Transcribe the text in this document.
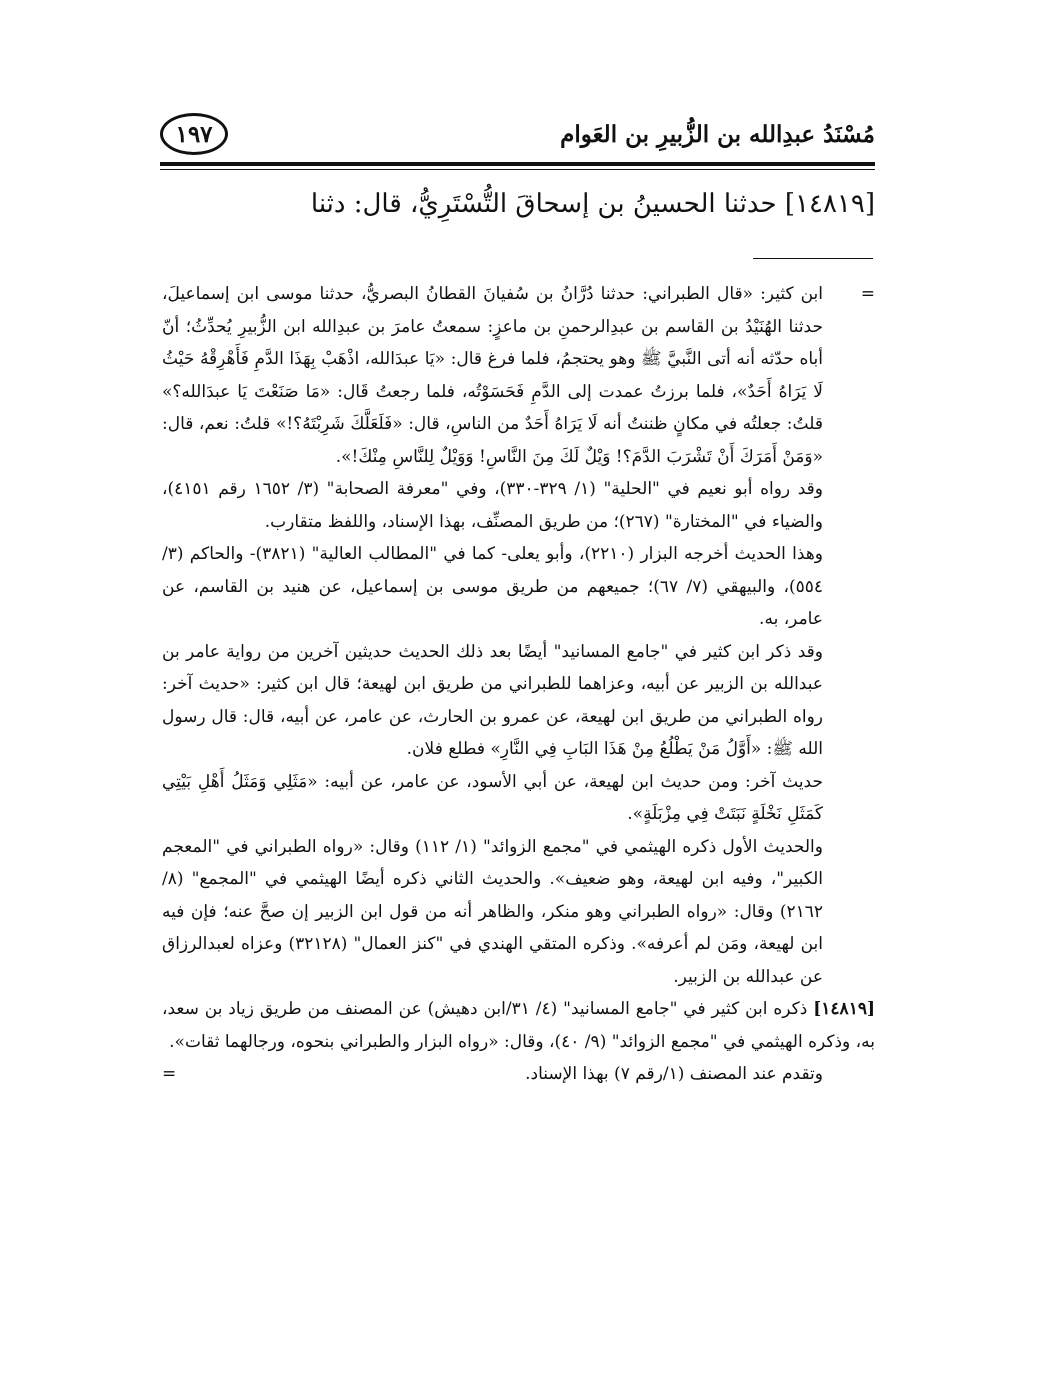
مُسْنَدُ عبدِالله بن الزُّبيرِ بن العَوام
١٩٧
[١٤٨١٩] حدثنا الحسينُ بن إسحاقَ التُّسْتَرِيُّ، قال: دثنا

=
ابن كثير: «قال الطبراني: حدثنا دُرَّانُ بن سُفيانَ القطانُ البصريُّ، حدثنا موسى ابن إسماعيلَ، حدثنا الهُنَيْدُ بن القاسم بن عبدِالرحمنِ بن ماعزٍ: سمعتُ عامرَ بن عبدِالله ابن الزُّبيرِ يُحدِّثُ؛ أنّ أباه حدّثه أنه أتى النَّبيَّ ﷺ وهو يحتجمُ، فلما فرغ قال: «يَا عبدَالله، اذْهَبْ بِهَذَا الدَّمِ فَأَهْرِقْهُ حَيْثُ لَا يَرَاهُ أَحَدٌ»، فلما برزتُ عمدت إلى الدَّمِ فَحَسَوْتُه، فلما رجعتُ قَال: «مَا صَنَعْتَ يَا عبدَالله؟» قلتُ: جعلتُه في مكانٍ ظننتُ أنه لَا يَرَاهُ أَحَدٌ من الناسِ، قال: «فَلَعَلَّكَ شَرِبْتَهُ؟!» قلتُ: نعم، قال: «وَمَنْ أَمَرَكَ أَنْ تَشْرَبَ الدَّمَ؟! وَيْلٌ لَكَ مِنَ النَّاسِ! وَوَيْلٌ لِلنَّاسِ مِنْكَ!».

وقد رواه أبو نعيم في "الحلية" (١/ ٣٢٩-٣٣٠)، وفي "معرفة الصحابة" (٣/ ١٦٥٢ رقم ٤١٥١)، والضياء في "المختارة" (٢٦٧)؛ من طريق المصنِّف، بهذا الإسناد، واللفظ متقارب.

وهذا الحديث أخرجه البزار (٢٢١٠)، وأبو يعلى- كما في "المطالب العالية" (٣٨٢١)- والحاكم (٣/ ٥٥٤)، والبيهقي (٧/ ٦٧)؛ جميعهم من طريق موسى بن إسماعيل، عن هنيد بن القاسم، عن عامر، به.

وقد ذكر ابن كثير في "جامع المسانيد" أيضًا بعد ذلك الحديث حديثين آخرين من رواية عامر بن عبدالله بن الزبير عن أبيه، وعزاهما للطبراني من طريق ابن لهيعة؛ قال ابن كثير: «حديث آخر: رواه الطبراني من طريق ابن لهيعة، عن عمرو بن الحارث، عن عامر، عن أبيه، قال: قال رسول الله ﷺ: «أَوَّلُ مَنْ يَطْلُعُ مِنْ هَذَا البَابِ فِي النَّارِ» فطلع فلان.

حديث آخر: ومن حديث ابن لهيعة، عن أبي الأسود، عن عامر، عن أبيه: «مَثَلِي وَمَثَلُ أَهْلِ بَيْتِي كَمَثَلِ نَخْلَةٍ نَبَتَتْ فِي مِزْبَلَةٍ».

والحديث الأول ذكره الهيثمي في "مجمع الزوائد" (١/ ١١٢) وقال: «رواه الطبراني في "المعجم الكبير"، وفيه ابن لهيعة، وهو ضعيف». والحديث الثاني ذكره أيضًا الهيثمي في "المجمع" (٨/ ٢١٦٢) وقال: «رواه الطبراني وهو منكر، والظاهر أنه من قول ابن الزبير إن صحَّ عنه؛ فإن فيه ابن لهيعة، ومَن لم أعرفه». وذكره المتقي الهندي في "كنز العمال" (٣٢١٢٨) وعزاه لعبدالرزاق عن عبدالله بن الزبير.

[١٤٨١٩] ذكره ابن كثير في "جامع المسانيد" (٤/ ٣١/ابن دهيش) عن المصنف من طريق زياد بن سعد، به، وذكره الهيثمي في "مجمع الزوائد" (٩/ ٤٠)، وقال: «رواه البزار والطبراني بنحوه، ورجالهما ثقات».

وتقدم عند المصنف (١/رقم ٧) بهذا الإسناد.
=
